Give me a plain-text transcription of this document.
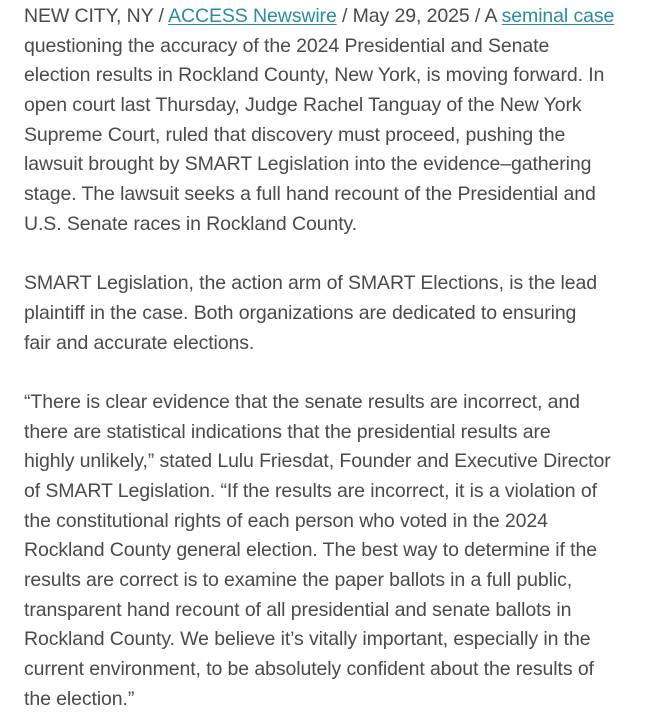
NEW CITY, NY / ACCESS Newswire / May 29, 2025 / A seminal case
questioning the accuracy of the 2024 Presidential and Senate
election results in Rockland County, New York, is moving forward. In
open court last Thursday, Judge Rachel Tanguay of the New York
Supreme Court, ruled that discovery must proceed, pushing the
lawsuit brought by SMART Legislation into the evidence–gathering
stage. The lawsuit seeks a full hand recount of the Presidential and
U.S. Senate races in Rockland County.

SMART Legislation, the action arm of SMART Elections, is the lead
plaintiff in the case. Both organizations are dedicated to ensuring
fair and accurate elections.

“There is clear evidence that the senate results are incorrect, and
there are statistical indications that the presidential results are
highly unlikely,” stated Lulu Friesdat, Founder and Executive Director
of SMART Legislation. “If the results are incorrect, it is a violation of
the constitutional rights of each person who voted in the 2024
Rockland County general election. The best way to determine if the
results are correct is to examine the paper ballots in a full public,
transparent hand recount of all presidential and senate ballots in
Rockland County. We believe it’s vitally important, especially in the
current environment, to be absolutely confident about the results of
the election.”
